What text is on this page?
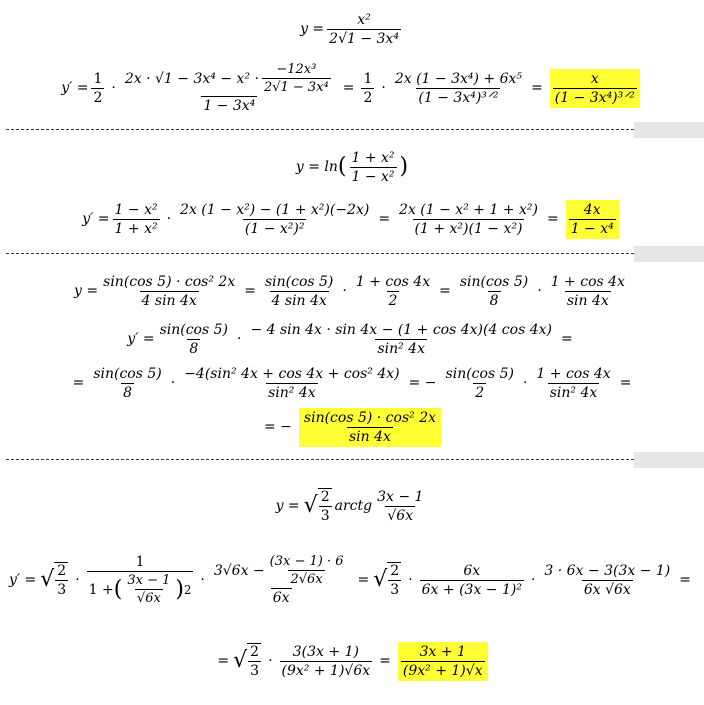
$y = \frac{\text{x²}}{\text{2√1 − 3x⁴}}$
$y' = \frac{1}{2} \cdot \frac{2x \cdot √1 - 3x^4 - x^2 \cdot \frac{\text{−12x³}}{\text{2√1 − 3x⁴}}}{\text{1 − 3x⁴}} = \frac{1}{2} \cdot \frac{\text{2x (1 − 3x⁴) + 6x⁵}}{\text{(1 − 3x⁴)³ᐟ²}} = \frac{x}{\text{(1 − 3x⁴)³ᐟ²}}$
y = ln ( $\frac{\text{1 + x²}}{\text{1 − x²}}$ )
$y' = \frac{\text{1 − x²}}{\text{1 + x²}} \cdot \frac{\text{2x (1 − x²) − (1 + x²)(−2x)}}{\text{(1 − x²)²}} = \frac{\text{2x (1 − x² + 1 + x²)}}{\text{(1 + x²)(1 − x²)}} = \frac{4x}{\text{1 − x⁴}}$
$y = \frac{\text{sin(cos 5) · cos² 2x}}{4 \sin 4x} = \frac{\sin(\cos 5)}{4 \sin 4x} \cdot \frac{1 + \cos 4x}{2} = \frac{\sin(\cos 5)}{8} \cdot \frac{1 + \cos 4x}{\sin 4x}$
$y' = \frac{\sin(\cos 5)}{8} \cdot \frac{- 4 \sin 4x \cdot \sin 4x - (1 + \cos 4x)(4 \cos 4x)}{\text{sin² 4x}}$ =
= $\frac{\sin(\cos 5)}{8} \cdot \frac{\text{−4(sin² 4x + cos 4x + cos² 4x)}}{\text{sin² 4x}}$ = − $\frac{\sin(\cos 5)}{2} \cdot \frac{1 + \cos 4x}{\text{sin² 4x}}$ =
= − $\frac{\text{sin(cos 5) · cos² 2x}}{\sin 4x}$
y = √ $\frac{2}{3}$ arctg $\frac{3x - 1}{√6x}$
y′ = √ $\frac{2}{3} \cdot \frac{1}{1 + ( \frac{3x - 1}{√6x} ) 2} \cdot \frac{3√6x - \frac{(3x - 1) \cdot 6}{2√6x}}{6x}$ = √ $\frac{2}{3} \cdot \frac{6x}{\text{6x + (3x − 1)²}} \cdot \frac{3 \cdot 6x - 3(3x - 1)}{6x √6x}$ =
= √ $\frac{2}{3} \cdot \frac{3(3x + 1)}{\text{(9x² + 1)√6x}} = \frac{3x + 1}{\text{(9x² + 1)√x}}$
